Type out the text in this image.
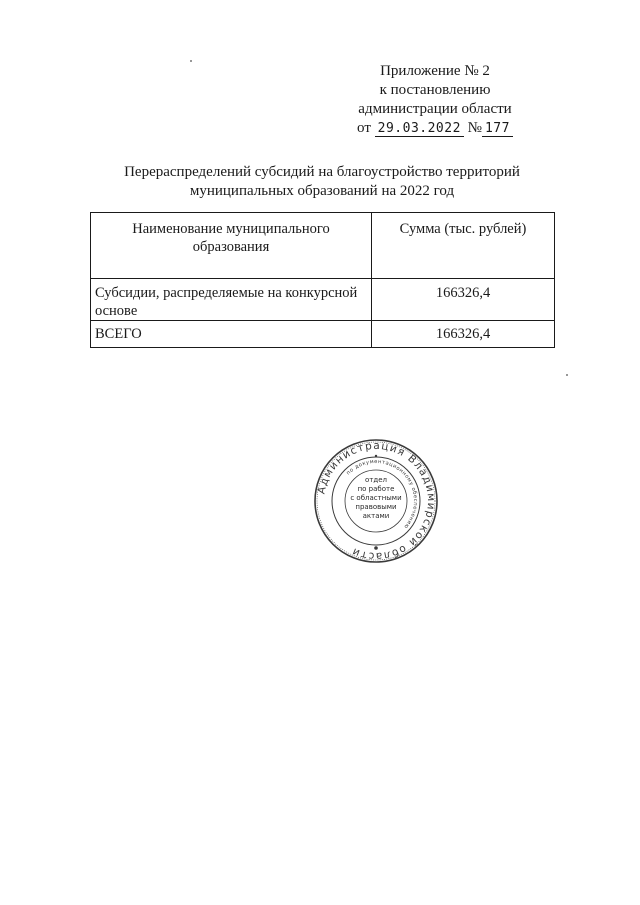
Приложение № 2
к постановлению
администрации области
от 29.03.2022 № 177
Перераспределений субсидий на благоустройство территорий
муниципальных образований на 2022 год
Наименование муниципального образования	Сумма (тыс. рублей)
Субсидии, распределяемые на конкурсной основе	166326,4
ВСЕГО	166326,4
Администрация Владимирской области
по документационному обеспечению
отдел
по работе
с областными
правовыми
актами
